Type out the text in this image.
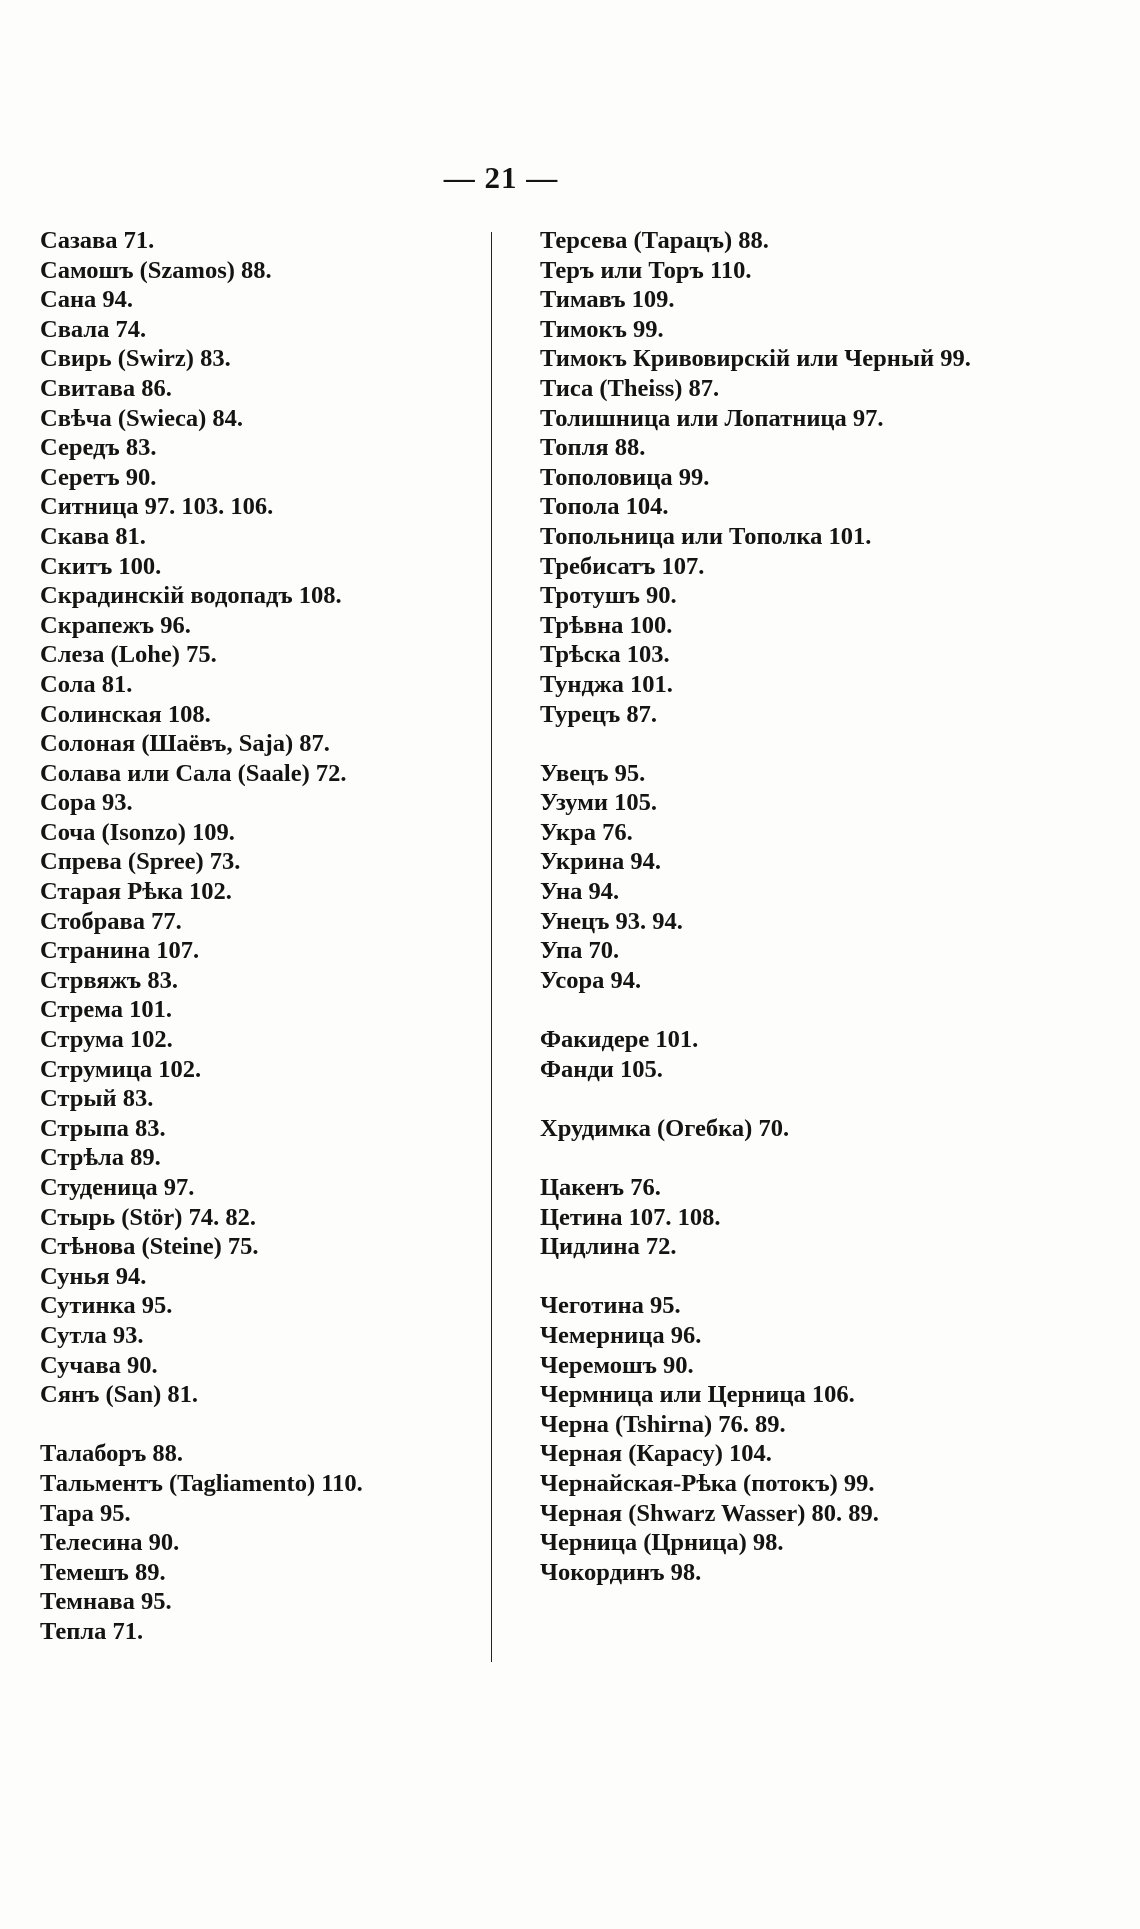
— 21 —
Сазава 71.
Самошъ (Szamos) 88.
Сана 94.
Свала 74.
Свирь (Swirz) 83.
Свитава 86.
Свѣча (Swieca) 84.
Середъ 83.
Серетъ 90.
Ситница 97. 103. 106.
Скава 81.
Скитъ 100.
Скрадинскій водопадъ 108.
Скрапежъ 96.
Слеза (Lohe) 75.
Сола 81.
Солинская 108.
Солоная (Шаёвъ, Saja) 87.
Солава или Сала (Saale) 72.
Сора 93.
Соча (Isonzo) 109.
Спрева (Spree) 73.
Старая Рѣка 102.
Стобрава 77.
Странина 107.
Стрвяжъ 83.
Стрема 101.
Струма 102.
Струмица 102.
Стрый 83.
Стрыпа 83.
Стрѣла 89.
Студеница 97.
Стырь (Stör) 74. 82.
Стѣнова (Steine) 75.
Сунья 94.
Сутинка 95.
Сутла 93.
Сучава 90.
Сянъ (San) 81.
Талаборъ 88.
Тальментъ (Tagliamento) 110.
Тара 95.
Телесина 90.
Темешъ 89.
Темнава 95.
Тепла 71.
Терсева (Тарацъ) 88.
Теръ или Торъ 110.
Тимавъ 109.
Тимокъ 99.
Тимокъ Кривовирскій или Черный 99.
Тиса (Theiss) 87.
Толишница или Лопатница 97.
Топля 88.
Тополовица 99.
Топола 104.
Топольница или Тополка 101.
Требисатъ 107.
Тротушъ 90.
Трѣвна 100.
Трѣска 103.
Тунджа 101.
Турецъ 87.
Увецъ 95.
Узуми 105.
Укра 76.
Укрина 94.
Уна 94.
Унецъ 93. 94.
Упа 70.
Усора 94.
Факидере 101.
Фанди 105.
Хрудимка (Огебка) 70.
Цакенъ 76.
Цетина 107. 108.
Цидлина 72.
Чеготина 95.
Чемерница 96.
Черемошъ 90.
Чермница или Церница 106.
Черна (Tshirna) 76. 89.
Черная (Карасу) 104.
Чернайская-Рѣка (потокъ) 99.
Черная (Shwarz Wasser) 80. 89.
Черница (Црница) 98.
Чокординъ 98.
